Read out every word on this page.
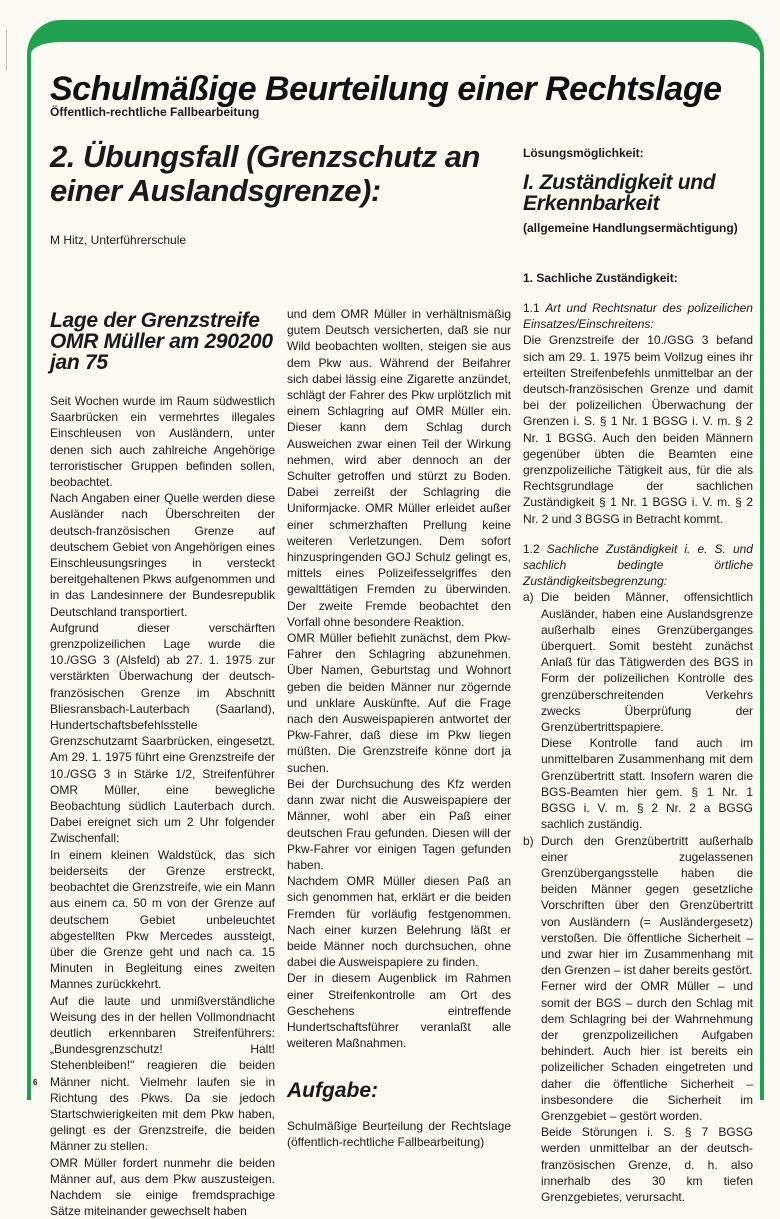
Schulmäßige Beurteilung einer Rechtslage
Öffentlich-rechtliche Fallbearbeitung
2. Übungsfall (Grenzschutz an einer Auslandsgrenze):
M Hitz, Unterführerschule
Lage der Grenzstreife OMR Müller am 290200 jan 75

Seit Wochen wurde im Raum südwestlich Saarbrücken ein vermehrtes illegales Einschleusen von Ausländern, unter denen sich auch zahlreiche Angehörige terroristischer Gruppen befinden sollen, beobachtet.

Nach Angaben einer Quelle werden diese Ausländer nach Überschreiten der deutsch-französischen Grenze auf deutschem Gebiet von Angehörigen eines Einschleusungsringes in versteckt bereitgehaltenen Pkws aufgenommen und in das Landesinnere der Bundesrepublik Deutschland transportiert.

Aufgrund dieser verschärften grenzpolizeilichen Lage wurde die 10./GSG 3 (Alsfeld) ab 27. 1. 1975 zur verstärkten Überwachung der deutsch-französischen Grenze im Abschnitt Bliesransbach-Lauterbach (Saarland), Hundertschaftsbefehlsstelle Grenzschutzamt Saarbrücken, eingesetzt. Am 29. 1. 1975 führt eine Grenzstreife der 10./GSG 3 in Stärke 1/2, Streifenführer OMR Müller, eine bewegliche Beobachtung südlich Lauterbach durch. Dabei ereignet sich um 2 Uhr folgender Zwischenfall:

In einem kleinen Waldstück, das sich beiderseits der Grenze erstreckt, beobachtet die Grenzstreife, wie ein Mann aus einem ca. 50 m von der Grenze auf deutschem Gebiet unbeleuchtet abgestellten Pkw Mercedes aussteigt, über die Grenze geht und nach ca. 15 Minuten in Begleitung eines zweiten Mannes zurückkehrt.

Auf die laute und unmißverständliche Weisung des in der hellen Vollmondnacht deutlich erkennbaren Streifenführers: „Bundesgrenzschutz! Halt! Stehenbleiben!" reagieren die beiden Männer nicht. Vielmehr laufen sie in Richtung des Pkws. Da sie jedoch Startschwierigkeiten mit dem Pkw haben, gelingt es der Grenzstreife, die beiden Männer zu stellen.

OMR Müller fordert nunmehr die beiden Männer auf, aus dem Pkw auszusteigen. Nachdem sie einige fremdsprachige Sätze miteinander gewechselt haben

und dem OMR Müller in verhältnismäßig gutem Deutsch versicherten, daß sie nur Wild beobachten wollten, steigen sie aus dem Pkw aus. Während der Beifahrer sich dabei lässig eine Zigarette anzündet, schlägt der Fahrer des Pkw urplötzlich mit einem Schlagring auf OMR Müller ein. Dieser kann dem Schlag durch Ausweichen zwar einen Teil der Wirkung nehmen, wird aber dennoch an der Schulter getroffen und stürzt zu Boden. Dabei zerreißt der Schlagring die Uniformjacke. OMR Müller erleidet außer einer schmerzhaften Prellung keine weiteren Verletzungen. Dem sofort hinzuspringenden GOJ Schulz gelingt es, mittels eines Polizeifesselgriffes den gewalttätigen Fremden zu überwinden. Der zweite Fremde beobachtet den Vorfall ohne besondere Reaktion.

OMR Müller befiehlt zunächst, dem Pkw-Fahrer den Schlagring abzunehmen. Über Namen, Geburtstag und Wohnort geben die beiden Männer nur zögernde und unklare Auskünfte. Auf die Frage nach den Ausweispapieren antwortet der Pkw-Fahrer, daß diese im Pkw liegen müßten. Die Grenzstreife könne dort ja suchen.

Bei der Durchsuchung des Kfz werden dann zwar nicht die Ausweispapiere der Männer, wohl aber ein Paß einer deutschen Frau gefunden. Diesen will der Pkw-Fahrer vor einigen Tagen gefunden haben.

Nachdem OMR Müller diesen Paß an sich genommen hat, erklärt er die beiden Fremden für vorläufig festgenommen. Nach einer kurzen Belehrung läßt er beide Männer noch durchsuchen, ohne dabei die Ausweispapiere zu finden.

Der in diesem Augenblick im Rahmen einer Streifenkontrolle am Ort des Geschehens eintreffende Hundertschaftsführer veranlaßt alle weiteren Maßnahmen.

Aufgabe:

Schulmäßige Beurteilung der Rechtslage (öffentlich-rechtliche Fallbearbeitung)

Lösungsmöglichkeit:
I. Zuständigkeit und Erkennbarkeit
(allgemeine Handlungsermächtigung)
1. Sachliche Zuständigkeit:

1.1 Art und Rechtsnatur des polizeilichen Einsatzes/Einschreitens:

Die Grenzstreife der 10./GSG 3 befand sich am 29. 1. 1975 beim Vollzug eines ihr erteilten Streifenbefehls unmittelbar an der deutsch-französischen Grenze und damit bei der polizeilichen Überwachung der Grenzen i. S. § 1 Nr. 1 BGSG i. V. m. § 2 Nr. 1 BGSG. Auch den beiden Männern gegenüber übten die Beamten eine grenzpolizeiliche Tätigkeit aus, für die als Rechtsgrundlage der sachlichen Zuständigkeit § 1 Nr. 1 BGSG i. V. m. § 2 Nr. 2 und 3 BGSG in Betracht kommt.

1.2 Sachliche Zuständigkeit i. e. S. und sachlich bedingte örtliche Zuständigkeitsbegrenzung:

a) Die beiden Männer, offensichtlich Ausländer, haben eine Auslandsgrenze außerhalb eines Grenzüberganges überquert. Somit besteht zunächst Anlaß für das Tätigwerden des BGS in Form der polizeilichen Kontrolle des grenzüberschreitenden Verkehrs zwecks Überprüfung der Grenzübertrittspapiere.

Diese Kontrolle fand auch im unmittelbaren Zusammenhang mit dem Grenzübertritt statt. Insofern waren die BGS-Beamten hier gem. § 1 Nr. 1 BGSG i. V. m. § 2 Nr. 2 a BGSG sachlich zuständig.

b) Durch den Grenzübertritt außerhalb einer zugelassenen Grenzübergangsstelle haben die beiden Männer gegen gesetzliche Vorschriften über den Grenzübertritt von Ausländern (= Ausländergesetz) verstoßen. Die öffentliche Sicherheit – und zwar hier im Zusammenhang mit den Grenzen – ist daher bereits gestört.

Ferner wird der OMR Müller – und somit der BGS – durch den Schlag mit dem Schlagring bei der Wahrnehmung der grenzpolizeilichen Aufgaben behindert. Auch hier ist bereits ein polizeilicher Schaden eingetreten und daher die öffentliche Sicherheit – insbesondere die Sicherheit im Grenzgebiet – gestört worden.

Beide Störungen i. S. § 7 BGSG werden unmittelbar an der deutsch-französischen Grenze, d. h. also innerhalb des 30 km tiefen Grenzgebietes, verursacht.

6
